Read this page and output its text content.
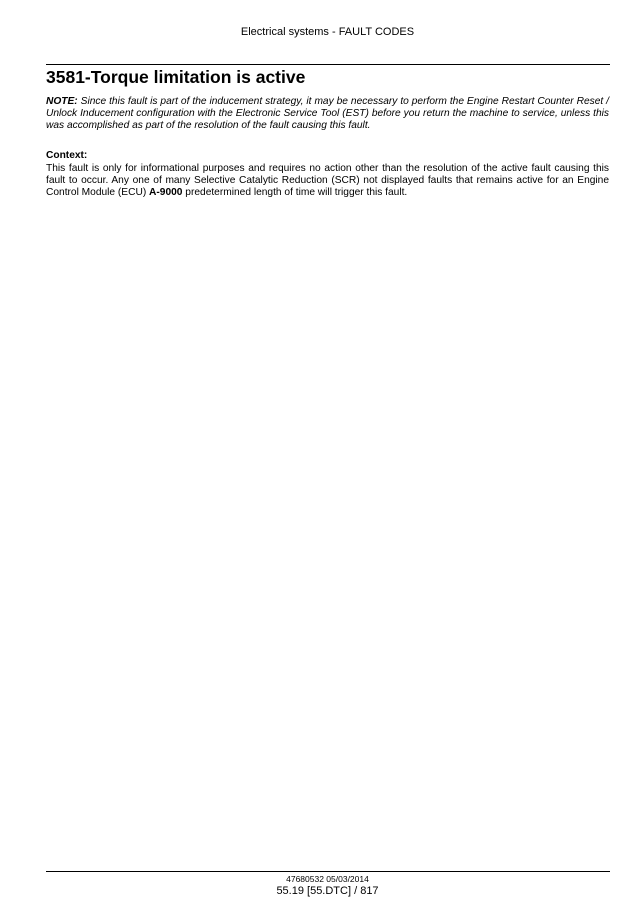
Electrical systems - FAULT CODES
3581-Torque limitation is active

NOTE: Since this fault is part of the inducement strategy, it may be necessary to perform the Engine Restart Counter Reset / Unlock Inducement configuration with the Electronic Service Tool (EST) before you return the machine to service, unless this was accomplished as part of the resolution of the fault causing this fault.

Context:

This fault is only for informational purposes and requires no action other than the resolution of the active fault causing this fault to occur. Any one of many Selective Catalytic Reduction (SCR) not displayed faults that remains active for an Engine Control Module (ECU) A-9000 predetermined length of time will trigger this fault.

47680532 05/03/2014
55.19 [55.DTC] / 817
